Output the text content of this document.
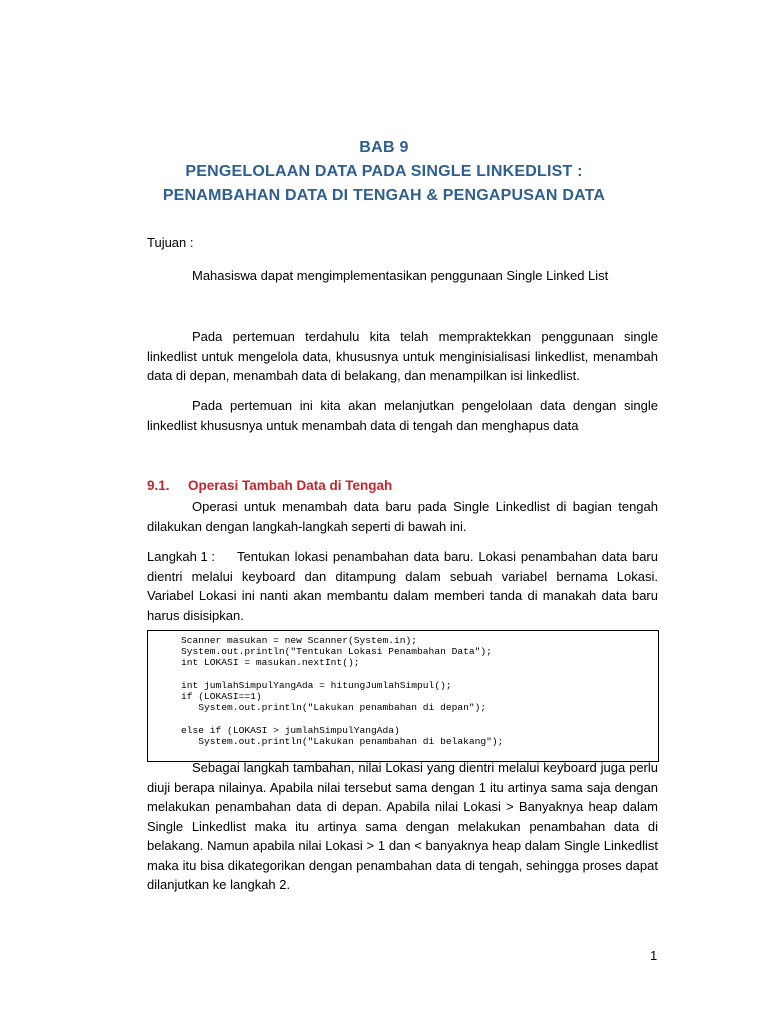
BAB 9
PENGELOLAAN DATA PADA SINGLE LINKEDLIST :
PENAMBAHAN DATA DI TENGAH & PENGAPUSAN DATA
Tujuan :
Mahasiswa dapat mengimplementasikan penggunaan Single Linked List
Pada pertemuan terdahulu kita telah mempraktekkan penggunaan single linkedlist untuk mengelola data, khususnya untuk menginisialisasi linkedlist, menambah data di depan, menambah data di belakang, dan menampilkan isi linkedlist.
Pada pertemuan ini kita akan melanjutkan pengelolaan data dengan single linkedlist khususnya untuk menambah data di tengah dan menghapus data
9.1. Operasi Tambah Data di Tengah
Operasi untuk menambah data baru pada Single Linkedlist di bagian tengah dilakukan dengan langkah-langkah seperti di bawah ini.
Langkah 1 : Tentukan lokasi penambahan data baru. Lokasi penambahan data baru dientri melalui keyboard dan ditampung dalam sebuah variabel bernama Lokasi. Variabel Lokasi ini nanti akan membantu dalam memberi tanda di manakah data baru harus disisipkan.
Scanner masukan = new Scanner(System.in);
System.out.println("Tentukan Lokasi Penambahan Data");
int LOKASI = masukan.nextInt();
int jumlahSimpulYangAda = hitungJumlahSimpul();
if (LOKASI==1)
System.out.println("Lakukan penambahan di depan");
else if (LOKASI > jumlahSimpulYangAda)
System.out.println("Lakukan penambahan di belakang");
Sebagai langkah tambahan, nilai Lokasi yang dientri melalui keyboard juga perlu diuji berapa nilainya. Apabila nilai tersebut sama dengan 1 itu artinya sama saja dengan melakukan penambahan data di depan. Apabila nilai Lokasi > Banyaknya heap dalam Single Linkedlist maka itu artinya sama dengan melakukan penambahan data di belakang. Namun apabila nilai Lokasi > 1 dan < banyaknya heap dalam Single Linkedlist maka itu bisa dikategorikan dengan penambahan data di tengah, sehingga proses dapat dilanjutkan ke langkah 2.
1
